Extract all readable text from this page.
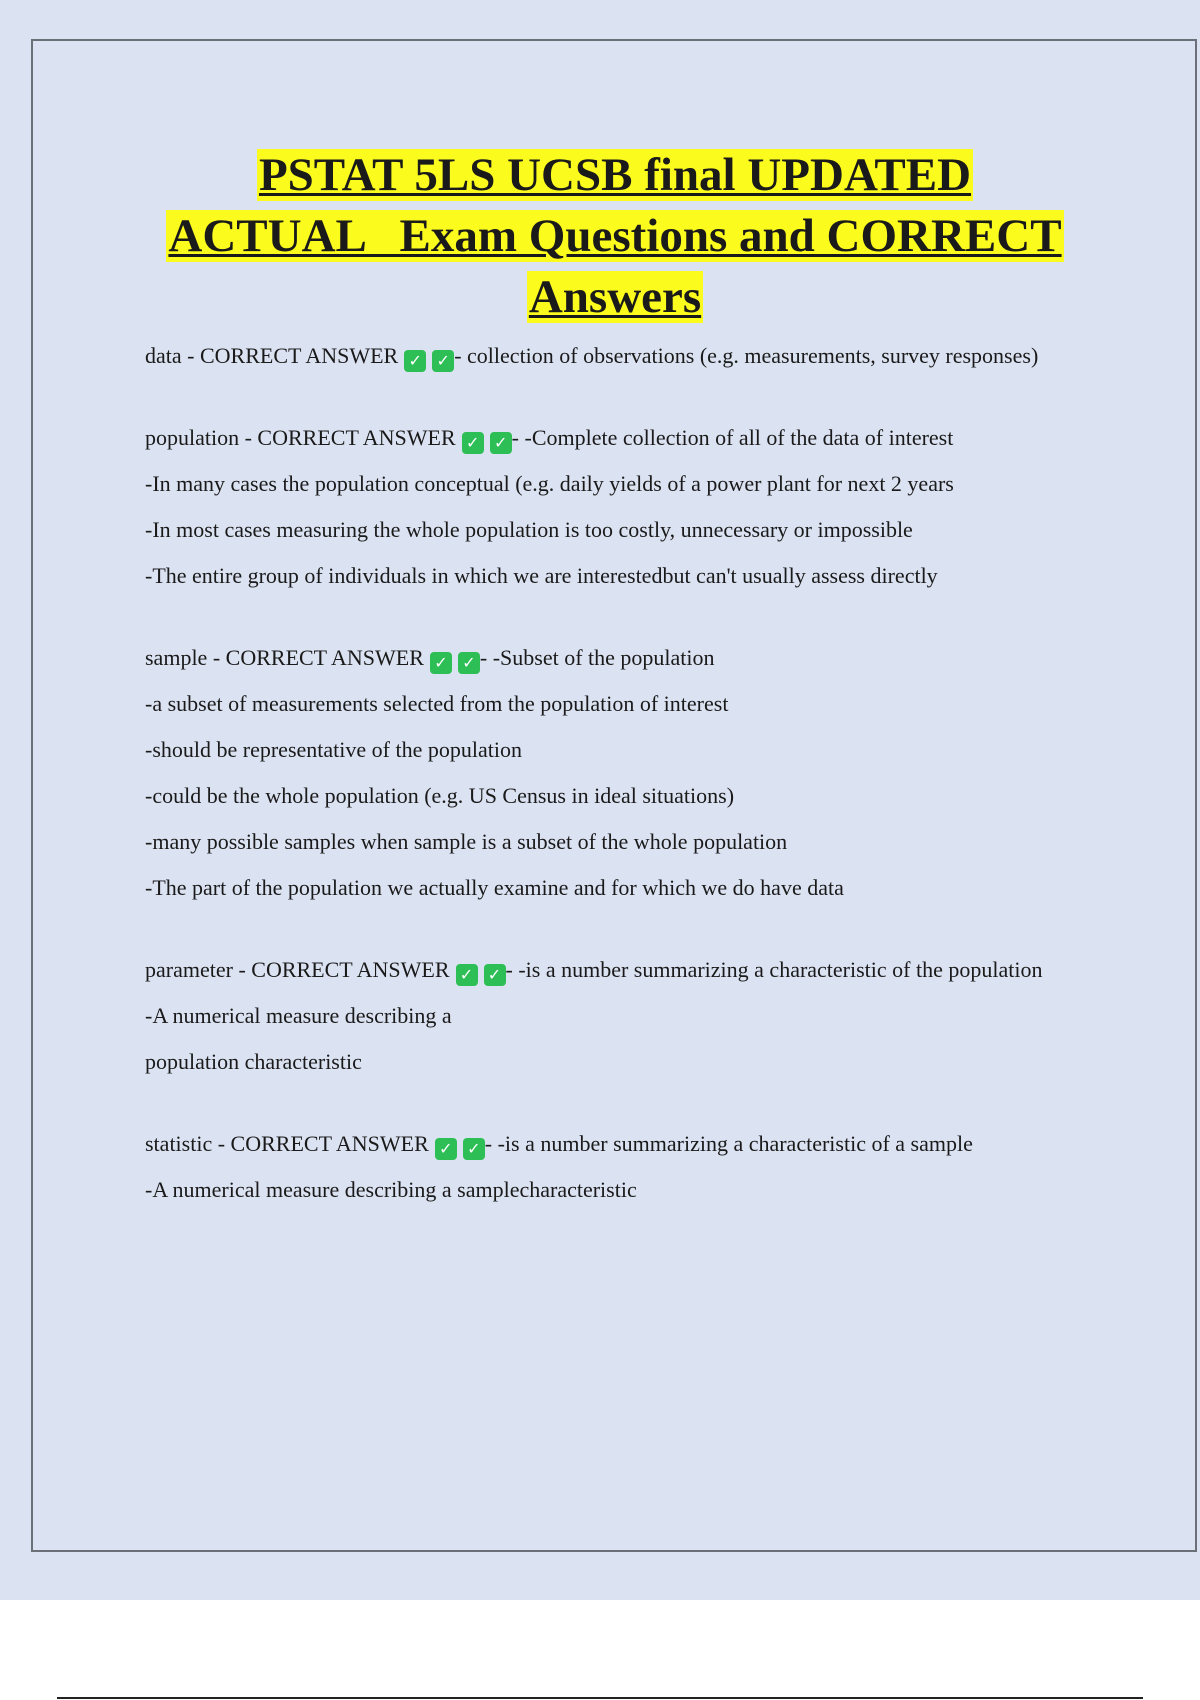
PSTAT 5LS UCSB final UPDATED
ACTUAL   Exam Questions and CORRECT
Answers

data - CORRECT ANSWER ✓ ✓ - collection of observations (e.g. measurements, survey responses)

population - CORRECT ANSWER ✓ ✓ - -Complete collection of all of the data of interest

-In many cases the population conceptual (e.g. daily yields of a power plant for next 2 years

-In most cases measuring the whole population is too costly, unnecessary or impossible

-The entire group of individuals in which we are interestedbut can't usually assess directly

sample - CORRECT ANSWER ✓ ✓ - -Subset of the population

-a subset of measurements selected from the population of interest

-should be representative of the population

-could be the whole population (e.g. US Census in ideal situations)

-many possible samples when sample is a subset of the whole population

-The part of the population we actually examine and for which we do have data

parameter - CORRECT ANSWER ✓ ✓ - -is a number summarizing a characteristic of the population

-A numerical measure describing a

population characteristic

statistic - CORRECT ANSWER ✓ ✓ - -is a number summarizing a characteristic of a sample

-A numerical measure describing a samplecharacteristic
